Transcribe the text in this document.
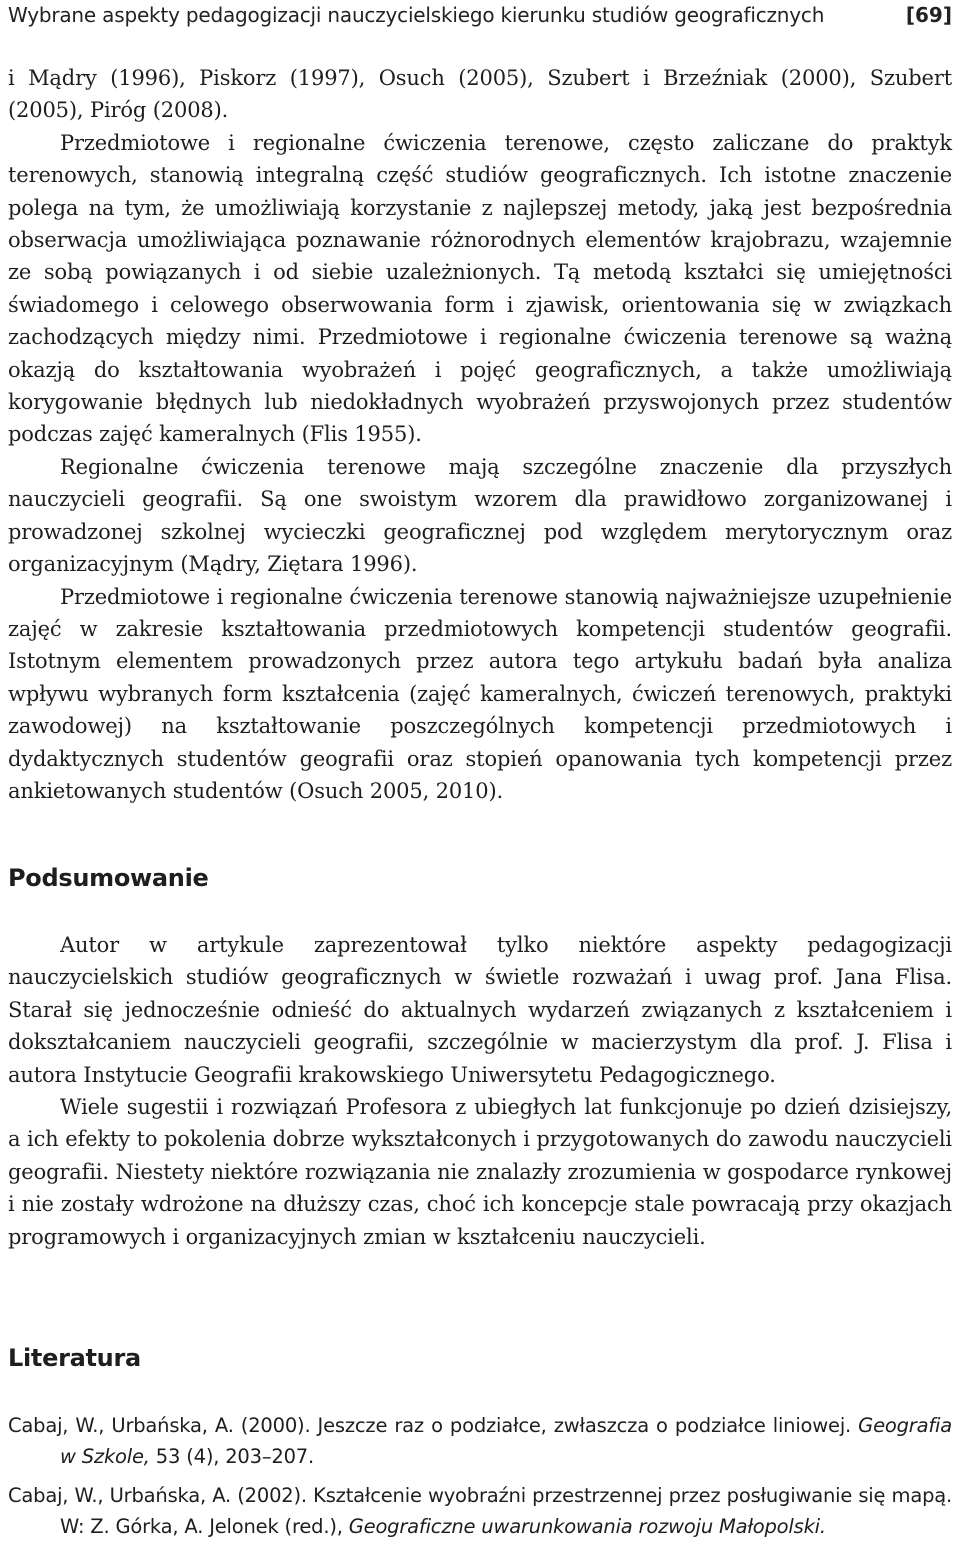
Wybrane aspekty pedagogizacji nauczycielskiego kierunku studiów geograficznych	[69]

i Mądry (1996), Piskorz (1997), Osuch (2005), Szubert i Brzeźniak (2000), Szubert (2005), Piróg (2008).

Przedmiotowe i regionalne ćwiczenia terenowe, często zaliczane do praktyk terenowych, stanowią integralną część studiów geograficznych. Ich istotne znaczenie polega na tym, że umożliwiają korzystanie z najlepszej metody, jaką jest bezpośrednia obserwacja umożliwiająca poznawanie różnorodnych elementów krajobrazu, wzajemnie ze sobą powiązanych i od siebie uzależnionych. Tą metodą kształci się umiejętności świadomego i celowego obserwowania form i zjawisk, orientowania się w związkach zachodzących między nimi. Przedmiotowe i regionalne ćwiczenia terenowe są ważną okazją do kształtowania wyobrażeń i pojęć geograficznych, a także umożliwiają korygowanie błędnych lub niedokładnych wyobrażeń przyswojonych przez studentów podczas zajęć kameralnych (Flis 1955).

Regionalne ćwiczenia terenowe mają szczególne znaczenie dla przyszłych nauczycieli geografii. Są one swoistym wzorem dla prawidłowo zorganizowanej i prowadzonej szkolnej wycieczki geograficznej pod względem merytorycznym oraz organizacyjnym (Mądry, Ziętara 1996).

Przedmiotowe i regionalne ćwiczenia terenowe stanowią najważniejsze uzupełnienie zajęć w zakresie kształtowania przedmiotowych kompetencji studentów geografii. Istotnym elementem prowadzonych przez autora tego artykułu badań była analiza wpływu wybranych form kształcenia (zajęć kameralnych, ćwiczeń terenowych, praktyki zawodowej) na kształtowanie poszczególnych kompetencji przedmiotowych i dydaktycznych studentów geografii oraz stopień opanowania tych kompetencji przez ankietowanych studentów (Osuch 2005, 2010).

Podsumowanie

Autor w artykule zaprezentował tylko niektóre aspekty pedagogizacji nauczycielskich studiów geograficznych w świetle rozważań i uwag prof. Jana Flisa. Starał się jednocześnie odnieść do aktualnych wydarzeń związanych z kształceniem i dokształcaniem nauczycieli geografii, szczególnie w macierzystym dla prof. J. Flisa i autora Instytucie Geografii krakowskiego Uniwersytetu Pedagogicznego.

Wiele sugestii i rozwiązań Profesora z ubiegłych lat funkcjonuje po dzień dzisiejszy, a ich efekty to pokolenia dobrze wykształconych i przygotowanych do zawodu nauczycieli geografii. Niestety niektóre rozwiązania nie znalazły zrozumienia w gospodarce rynkowej i nie zostały wdrożone na dłuższy czas, choć ich koncepcje stale powracają przy okazjach programowych i organizacyjnych zmian w kształceniu nauczycieli.

Literatura

Cabaj, W., Urbańska, A. (2000). Jeszcze raz o podziałce, zwłaszcza o podziałce liniowej. Geografia w Szkole, 53 (4), 203–207.

Cabaj, W., Urbańska, A. (2002). Kształcenie wyobraźni przestrzennej przez posługiwanie się mapą. W: Z. Górka, A. Jelonek (red.), Geograficzne uwarunkowania rozwoju Małopolski.
